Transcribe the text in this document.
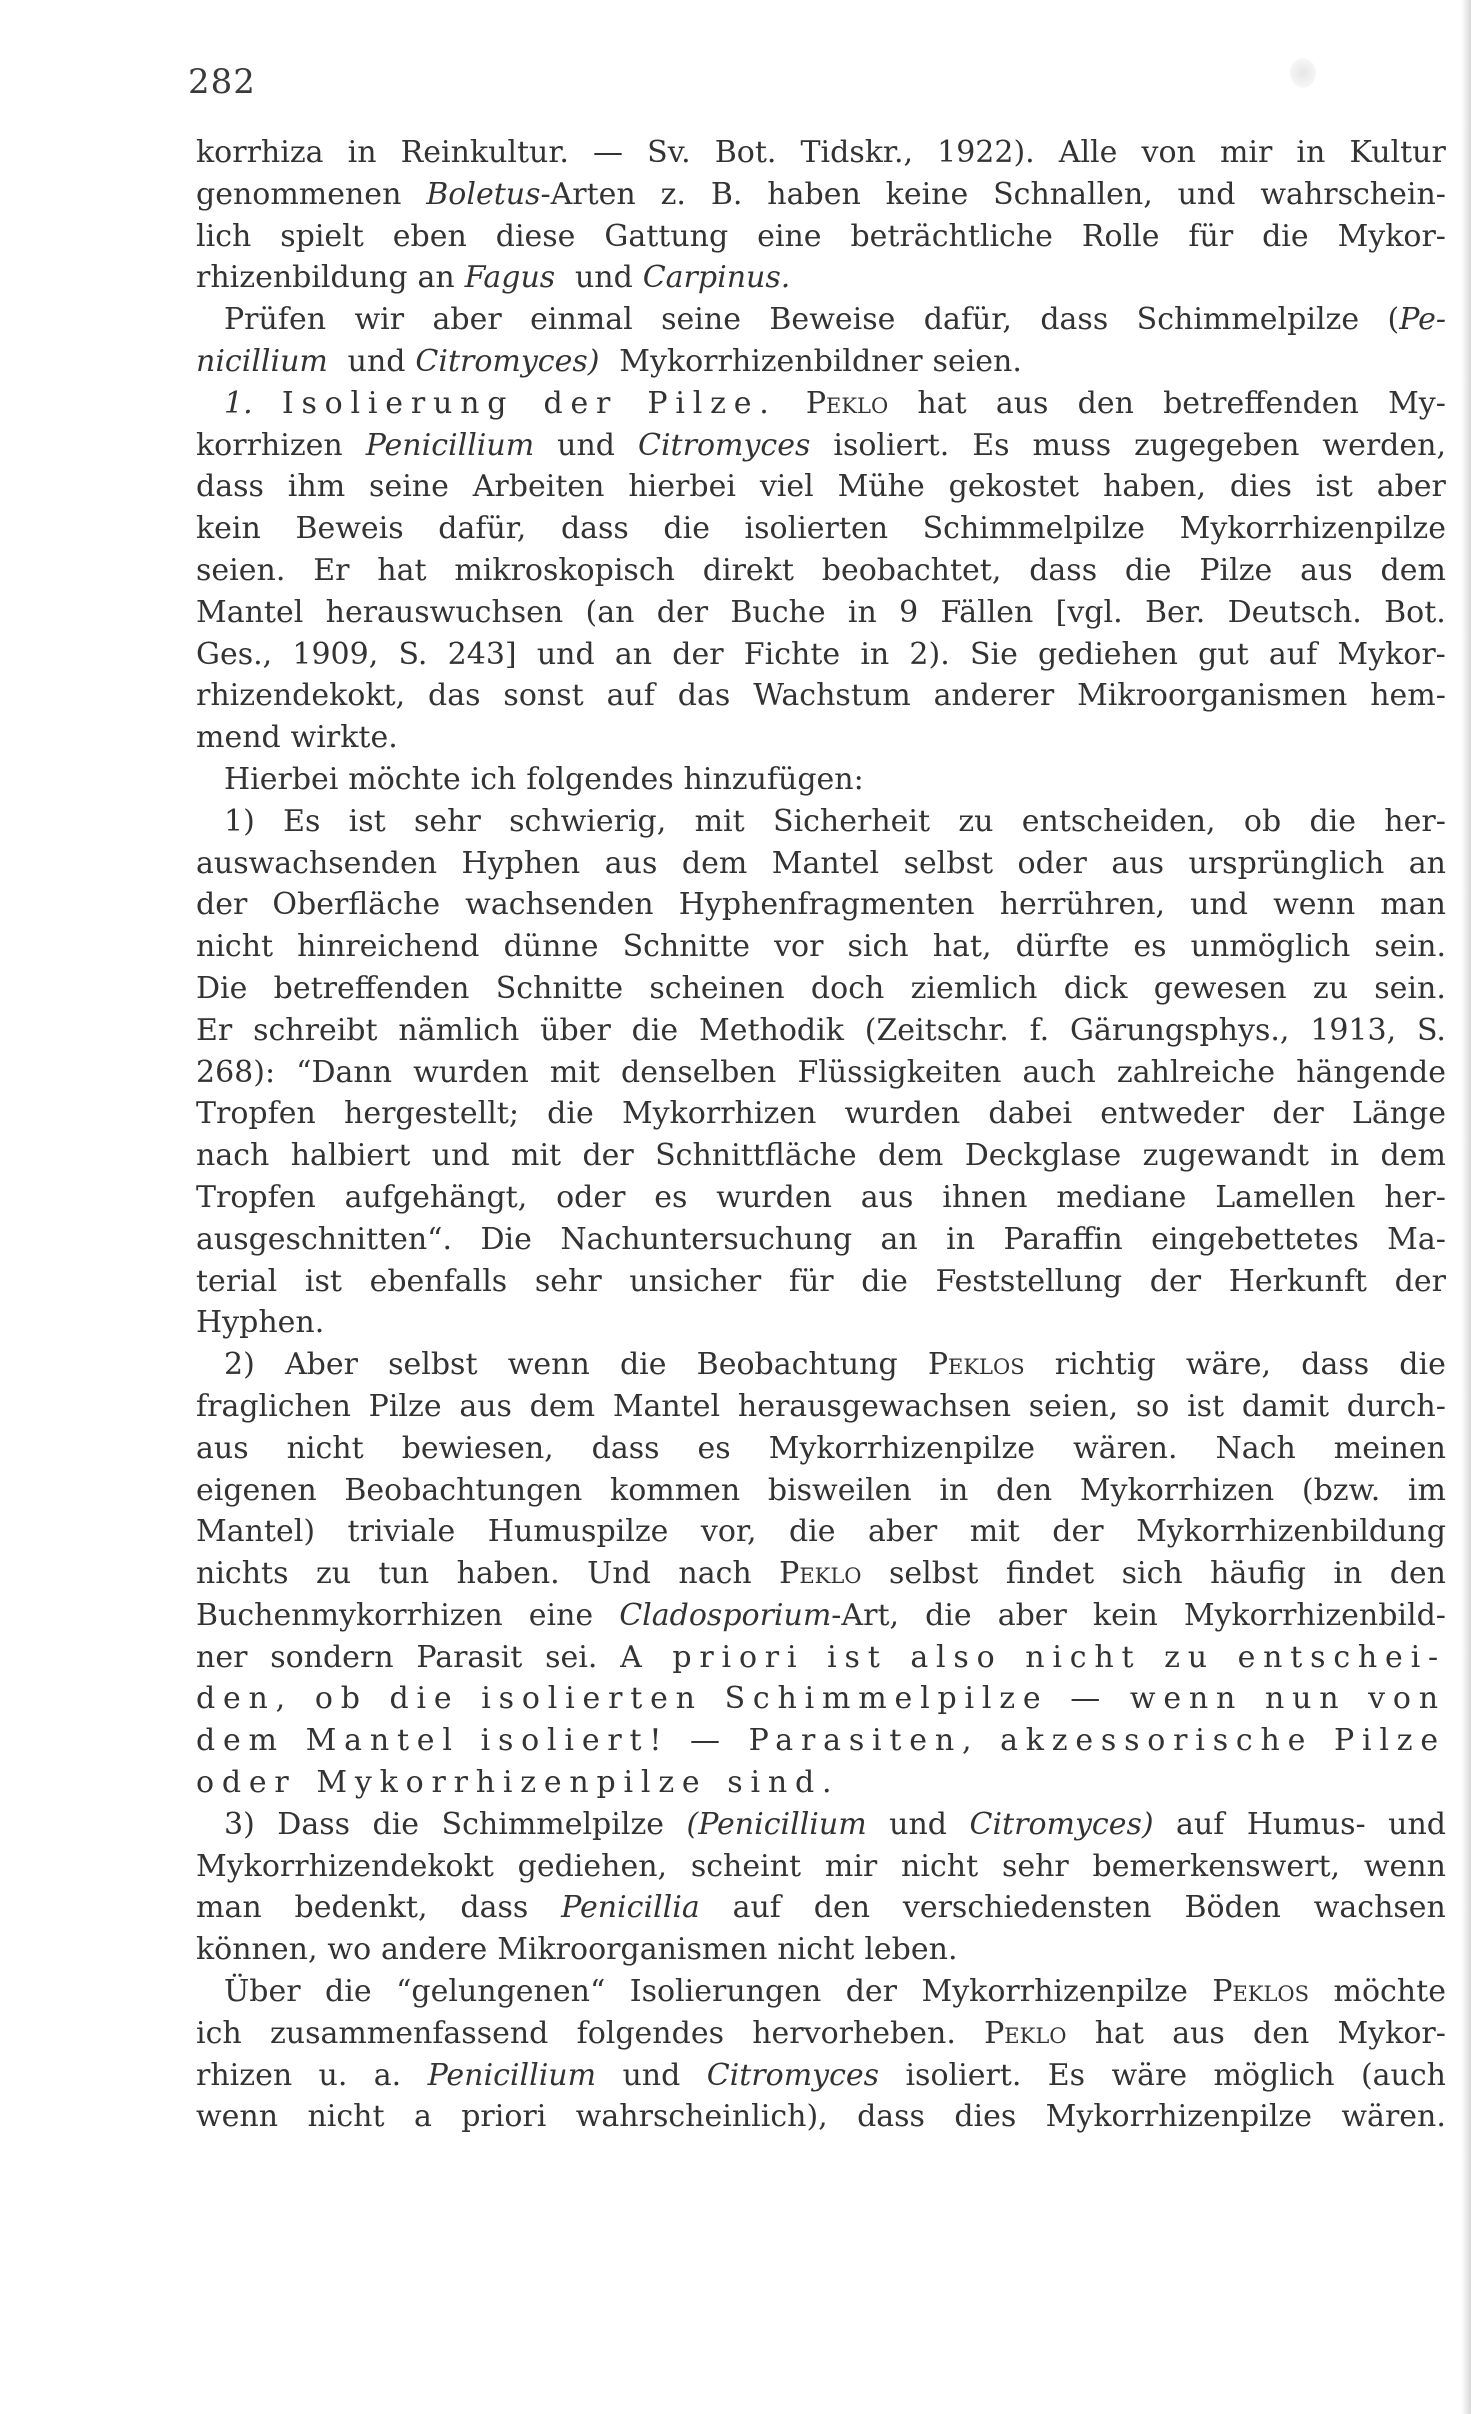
282
korrhiza in Reinkultur. — Sv. Bot. Tidskr., 1922). Alle von mir in Kultur
genommenen Boletus-Arten z. B. haben keine Schnallen, und wahrschein-
lich spielt eben diese Gattung eine beträchtliche Rolle für die Mykor-
rhizenbildung an Fagus und Carpinus.
Prüfen wir aber einmal seine Beweise dafür, dass Schimmelpilze (Pe-
nicillium und Citromyces) Mykorrhizenbildner seien.
1. Isolierung der Pilze. Peklo hat aus den betreffenden My-
korrhizen Penicillium und Citromyces isoliert. Es muss zugegeben werden,
dass ihm seine Arbeiten hierbei viel Mühe gekostet haben, dies ist aber
kein Beweis dafür, dass die isolierten Schimmelpilze Mykorrhizenpilze
seien. Er hat mikroskopisch direkt beobachtet, dass die Pilze aus dem
Mantel herauswuchsen (an der Buche in 9 Fällen [vgl. Ber. Deutsch. Bot.
Ges., 1909, S. 243] und an der Fichte in 2). Sie gediehen gut auf Mykor-
rhizendekokt, das sonst auf das Wachstum anderer Mikroorganismen hem-
mend wirkte.
Hierbei möchte ich folgendes hinzufügen:
1) Es ist sehr schwierig, mit Sicherheit zu entscheiden, ob die her-
auswachsenden Hyphen aus dem Mantel selbst oder aus ursprünglich an
der Oberfläche wachsenden Hyphenfragmenten herrühren, und wenn man
nicht hinreichend dünne Schnitte vor sich hat, dürfte es unmöglich sein.
Die betreffenden Schnitte scheinen doch ziemlich dick gewesen zu sein.
Er schreibt nämlich über die Methodik (Zeitschr. f. Gärungsphys., 1913, S.
268): “Dann wurden mit denselben Flüssigkeiten auch zahlreiche hängende
Tropfen hergestellt; die Mykorrhizen wurden dabei entweder der Länge
nach halbiert und mit der Schnittfläche dem Deckglase zugewandt in dem
Tropfen aufgehängt, oder es wurden aus ihnen mediane Lamellen her-
ausgeschnitten“. Die Nachuntersuchung an in Paraffin eingebettetes Ma-
terial ist ebenfalls sehr unsicher für die Feststellung der Herkunft der
Hyphen.
2) Aber selbst wenn die Beobachtung Peklos richtig wäre, dass die
fraglichen Pilze aus dem Mantel herausgewachsen seien, so ist damit durch-
aus nicht bewiesen, dass es Mykorrhizenpilze wären. Nach meinen
eigenen Beobachtungen kommen bisweilen in den Mykorrhizen (bzw. im
Mantel) triviale Humuspilze vor, die aber mit der Mykorrhizenbildung
nichts zu tun haben. Und nach Peklo selbst findet sich häufig in den
Buchenmykorrhizen eine Cladosporium-Art, die aber kein Mykorrhizenbild-
ner sondern Parasit sei. A priori ist also nicht zu entschei-
den, ob die isolierten Schimmelpilze — wenn nun von
dem Mantel isoliert! — Parasiten, akzessorische Pilze
oder Mykorrhizenpilze sind.
3) Dass die Schimmelpilze (Penicillium und Citromyces) auf Humus- und
Mykorrhizendekokt gediehen, scheint mir nicht sehr bemerkenswert, wenn
man bedenkt, dass Penicillia auf den verschiedensten Böden wachsen
können, wo andere Mikroorganismen nicht leben.
Über die “gelungenen“ Isolierungen der Mykorrhizenpilze Peklos möchte
ich zusammenfassend folgendes hervorheben. Peklo hat aus den Mykor-
rhizen u. a. Penicillium und Citromyces isoliert. Es wäre möglich (auch
wenn nicht a priori wahrscheinlich), dass dies Mykorrhizenpilze wären.
